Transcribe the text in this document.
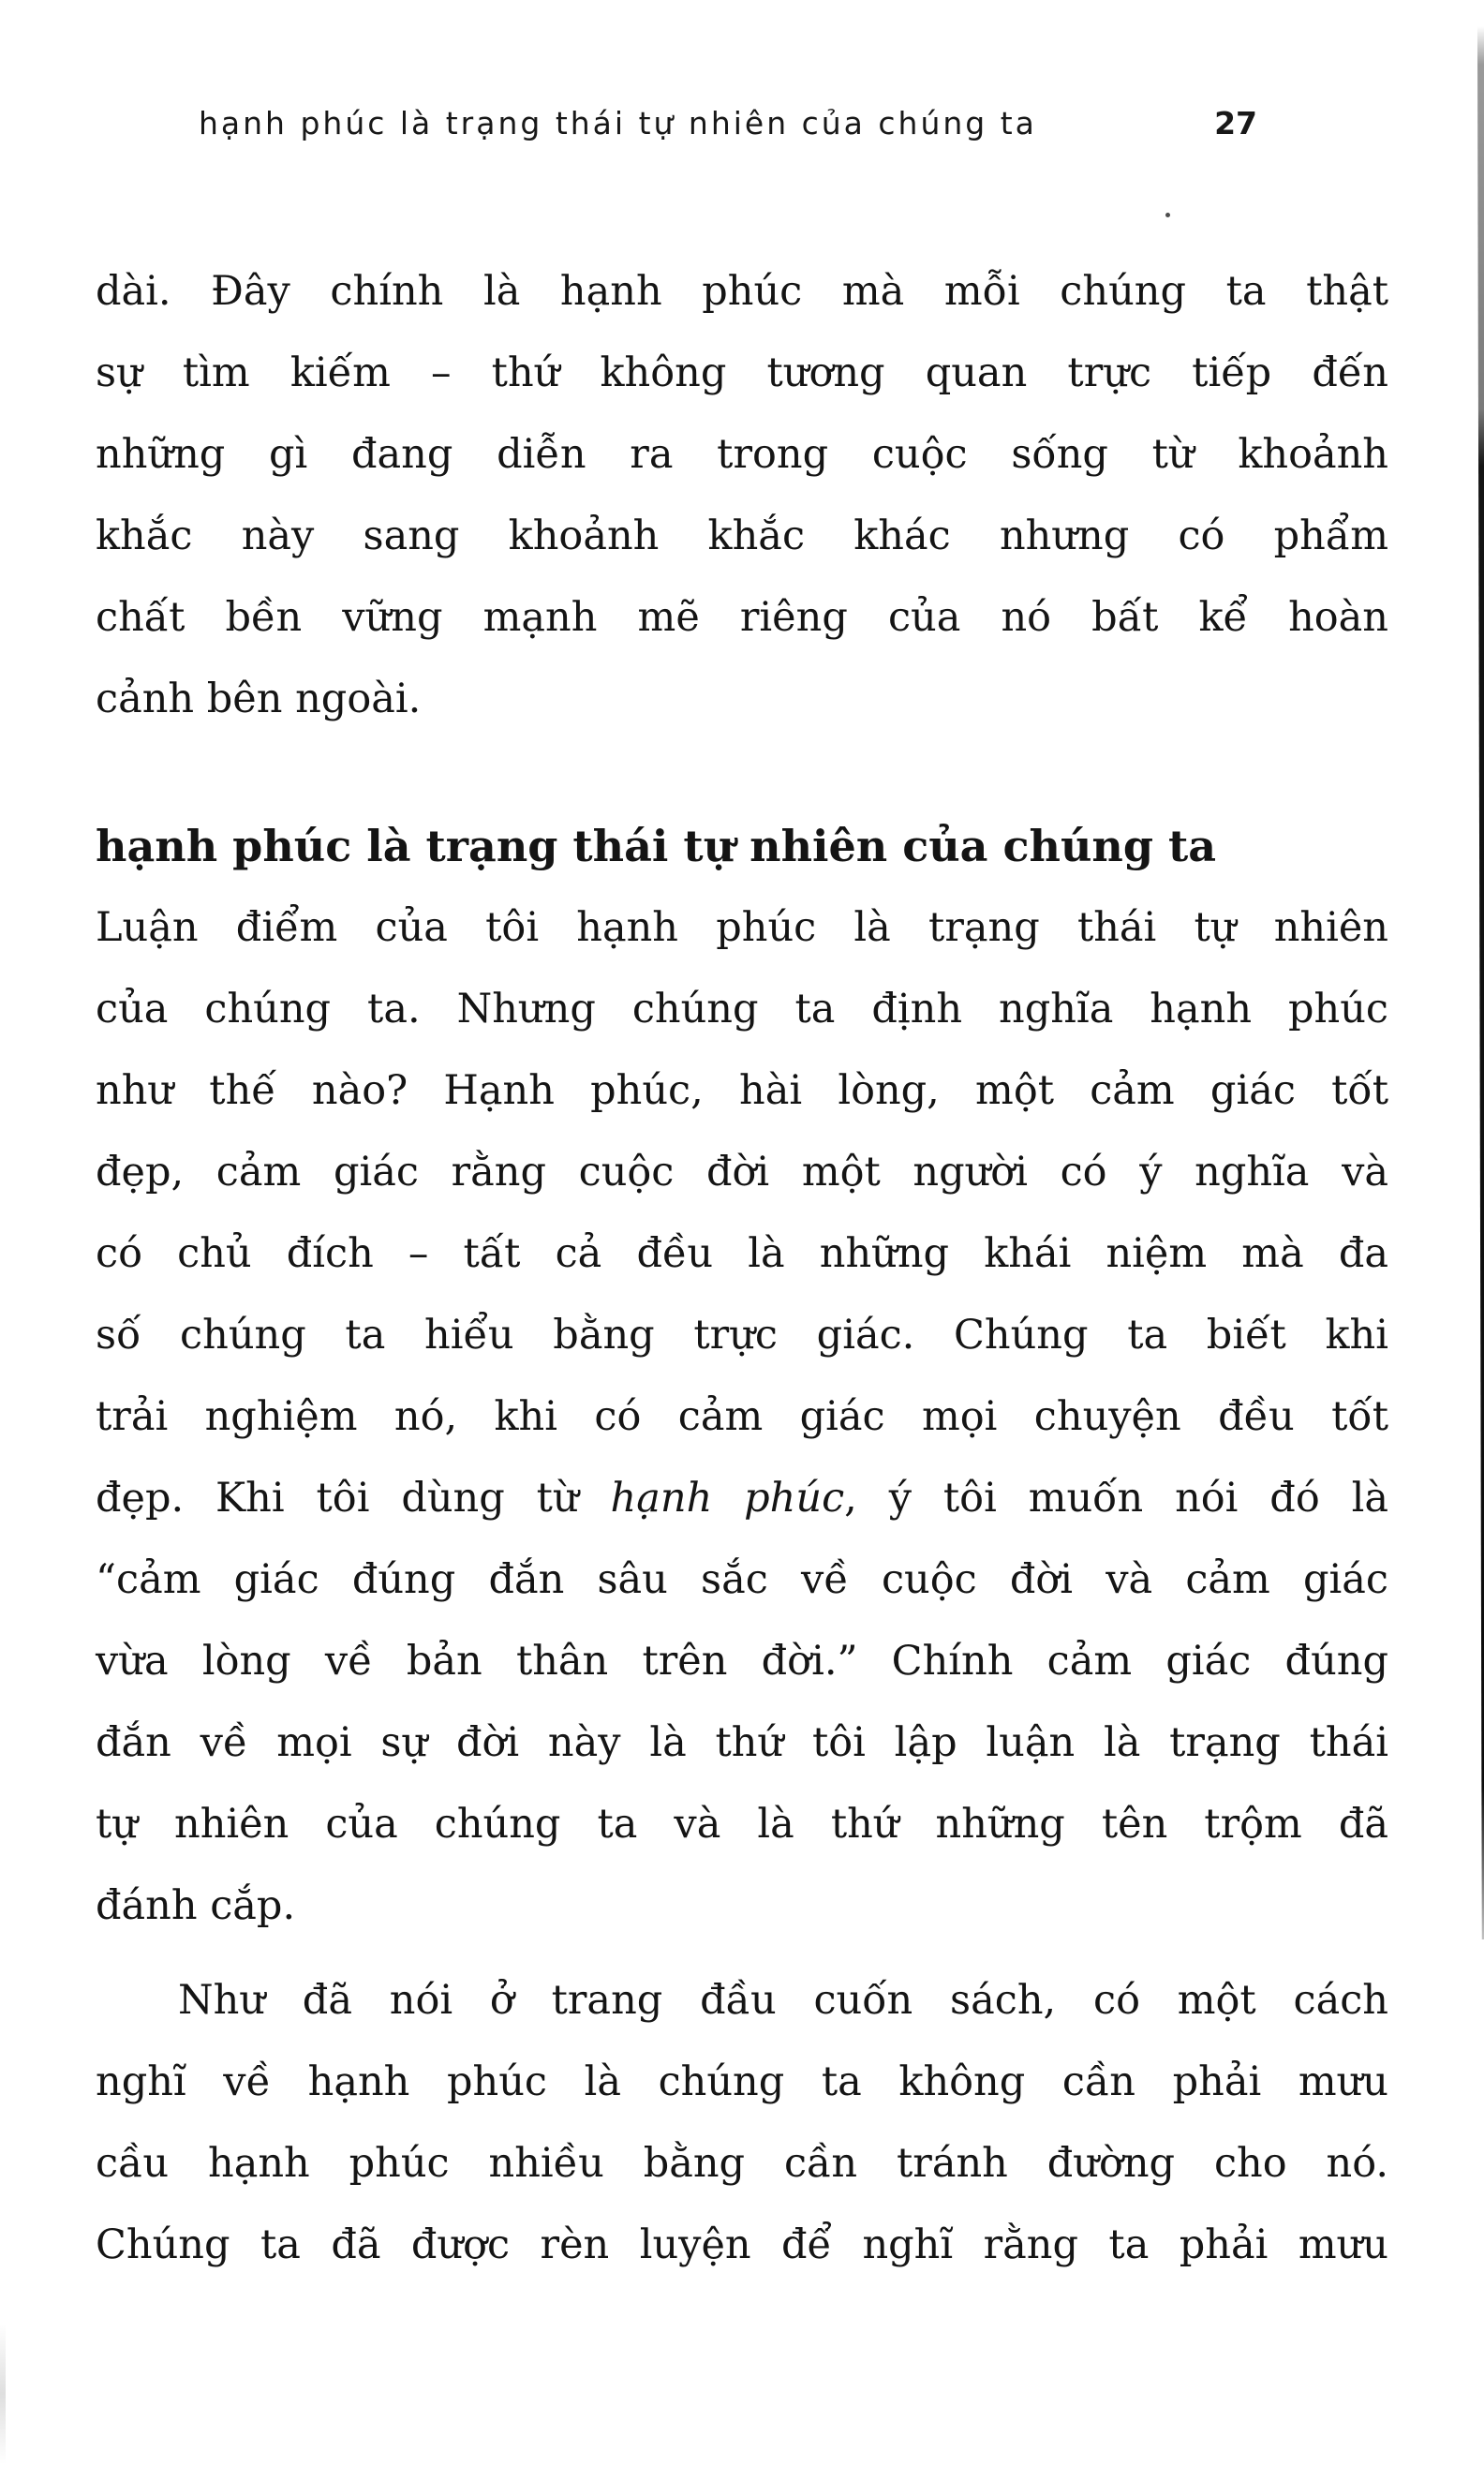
hạnh phúc là trạng thái tự nhiên của chúng ta	27
dài. Đây chính là hạnh phúc mà mỗi chúng ta thật
sự tìm kiếm – thứ không tương quan trực tiếp đến
những gì đang diễn ra trong cuộc sống từ khoảnh
khắc này sang khoảnh khắc khác nhưng có phẩm
chất bền vững mạnh mẽ riêng của nó bất kể hoàn
cảnh bên ngoài.
hạnh phúc là trạng thái tự nhiên của chúng ta
Luận điểm của tôi hạnh phúc là trạng thái tự nhiên
của chúng ta. Nhưng chúng ta định nghĩa hạnh phúc
như thế nào? Hạnh phúc, hài lòng, một cảm giác tốt
đẹp, cảm giác rằng cuộc đời một người có ý nghĩa và
có chủ đích – tất cả đều là những khái niệm mà đa
số chúng ta hiểu bằng trực giác. Chúng ta biết khi
trải nghiệm nó, khi có cảm giác mọi chuyện đều tốt
đẹp. Khi tôi dùng từ hạnh phúc, ý tôi muốn nói đó là
“cảm giác đúng đắn sâu sắc về cuộc đời và cảm giác
vừa lòng về bản thân trên đời.” Chính cảm giác đúng
đắn về mọi sự đời này là thứ tôi lập luận là trạng thái
tự nhiên của chúng ta và là thứ những tên trộm đã
đánh cắp.
Như đã nói ở trang đầu cuốn sách, có một cách
nghĩ về hạnh phúc là chúng ta không cần phải mưu
cầu hạnh phúc nhiều bằng cần tránh đường cho nó.
Chúng ta đã được rèn luyện để nghĩ rằng ta phải mưu
